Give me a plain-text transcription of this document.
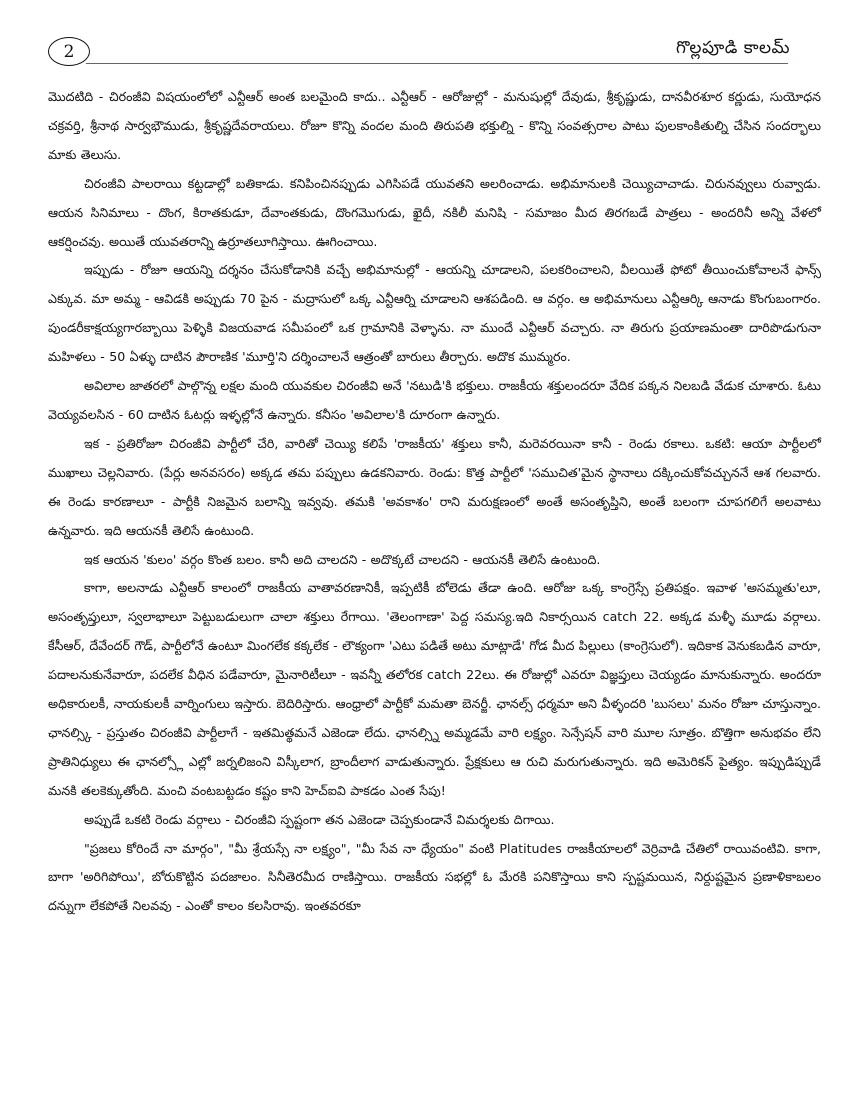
2	గొల్లపూడి కాలమ్

మొదటిది - చిరంజీవి విషయంలోలో ఎన్టీఆర్ అంత బలమైంది కాదు.. ఎన్టీఆర్ - ఆరోజుల్లో - మనుషుల్లో దేవుడు, శ్రీకృష్ణుడు, దానవీరశూర కర్ణుడు, సుయోధన చక్రవర్తి, శ్రీనాథ సార్వభౌముడు, శ్రీకృష్ణదేవరాయలు. రోజూ కొన్ని వందల మంది తిరుపతి భక్తుల్ని - కొన్ని సంవత్సరాల పాటు పులకాంకితుల్ని చేసిన సందర్భాలు మాకు తెలుసు.

చిరంజీవి పాలరాయి కట్టడాల్లో బతికాడు. కనిపించినప్పుడు ఎగిసిపడే యువతని అలరించాడు. అభిమానులకి చెయ్యిచాచాడు. చిరునవ్వులు రువ్వాడు. ఆయన సినిమాలు - దొంగ, కిరాతకుడూ, దేవాంతకుడు, దొంగమొగుడు, ఖైదీ, నకిలీ మనిషి - సమాజం మీద తిరగబడే పాత్రలు - అందరినీ అన్ని వేళలో ఆకర్షించవు. అయితే యువతరాన్ని ఉర్రూతలూగిస్తాయి. ఊగించాయి.

ఇప్పుడు - రోజూ ఆయన్ని దర్శనం చేసుకోడానికి వచ్చే అభిమానుల్లో - ఆయన్ని చూడాలని, పలకరించాలని, వీలయితే ఫోటో తీయించుకోవాలనే ఫాన్స్ ఎక్కువ. మా అమ్మ - ఆవిడకి అప్పుడు 70 పైన - మద్రాసులో ఒక్క ఎన్టీఆర్ని చూడాలని ఆశపడింది. ఆ వర్గం. ఆ అభిమానులు ఎన్టీఆర్కి ఆనాడు కొంగుబంగారం. పుండరీకాక్షయ్యగారబ్బాయి పెళ్ళికి విజయవాడ సమీపంలో ఒక గ్రామానికి వెళ్ళాను. నా ముందే ఎన్టీఆర్ వచ్చారు. నా తిరుగు ప్రయాణమంతా దారిపొడుగునా మహిళలు - 50 ఏళ్ళు దాటిన పౌరాణిక 'మూర్తి'ని దర్శించాలనే ఆత్రంతో బారులు తీర్చారు. అదొక ముమ్మరం.

అవిలాల జాతరలో పాల్గొన్న లక్షల మంది యువకుల చిరంజీవి అనే 'నటుడి'కి భక్తులు. రాజకీయ శక్తులందరూ వేదిక పక్కన నిలబడి వేడుక చూశారు. ఓటు వెయ్యవలసిన - 60 దాటిన ఓటర్లు ఇళ్ళల్లోనే ఉన్నారు. కనీసం 'అవిలాల'కి దూరంగా ఉన్నారు.

ఇక - ప్రతిరోజూ చిరంజీవి పార్టీలో చేరి, వారితో చెయ్యి కలిపే 'రాజకీయ' శక్తులు కానీ, మరెవరయినా కానీ - రెండు రకాలు. ఒకటి: ఆయా పార్టీలలో ముఖాలు చెల్లనివారు. (పేర్లు అనవసరం) అక్కడ తమ పప్పులు ఉడకనివారు. రెండు: కొత్త పార్టీలో 'సముచిత'మైన స్థానాలు దక్కించుకోవచ్చుననే ఆశ గలవారు. ఈ రెండు కారణాలూ - పార్టీకి నిజమైన బలాన్ని ఇవ్వవు. తమకి 'అవకాశం' రాని మరుక్షణంలో అంతే అసంతృప్తిని, అంతే బలంగా చూపగలిగే అలవాటు ఉన్నవారు. ఇది ఆయనకీ తెలిసే ఉంటుంది.

ఇక ఆయన 'కులం' వర్గం కొంత బలం. కానీ అది చాలదని - అదొక్కటే చాలదని - ఆయనకీ తెలిసే ఉంటుంది.

కాగా, అలనాడు ఎన్టీఆర్ కాలంలో రాజకీయ వాతావరణానికీ, ఇప్పటికీ బోలెడు తేడా ఉంది. ఆరోజు ఒక్క కాంగ్రెస్సే ప్రతిపక్షం. ఇవాళ 'అసమ్మతు'లూ, అసంతృప్తులూ, స్వలాభాలూ పెట్టుబడులుగా చాలా శక్తులు రేగాయి. 'తెలంగాణా' పెద్ద సమస్య.ఇది నికార్సయిన catch 22. అక్కడ మళ్ళీ మూడు వర్గాలు. కేసీఆర్, దేవేందర్ గౌడ్, పార్టీలోనే ఉంటూ మింగలేక కక్కలేక - లౌక్యంగా 'ఎటు పడితే అటు మాట్లాడే' గోడ మీద పిల్లులు (కాంగ్రెసులో). ఇదికాక వెనుకబడిన వారూ, పదాలనుకునేవారూ, పదలేక వీధిన పడేవారూ, మైనారిటీలూ - ఇవన్నీ తలోరక catch 22లు. ఈ రోజుల్లో ఎవరూ విజ్ఞప్తులు చెయ్యడం మానుకున్నారు. అందరూ అధికారులకీ, నాయకులకీ వార్నింగులు ఇస్తారు. బెదిరిస్తారు. ఆంధ్రాలో పార్టీకో మమతా బెనర్జీ. ఛానల్స్ ధర్మమా అని వీళ్ళందరి 'బుసలు' మనం రోజూ చూస్తున్నాం. ఛానల్స్కి - ప్రస్తుతం చిరంజీవి పార్టీలాగే - ఇతమిత్థమనే ఎజెండా లేదు. ఛానల్స్ని అమ్మడమే వారి లక్ష్యం. సెన్సేషన్ వారి మూల సూత్రం. బొత్తిగా అనుభవం లేని ప్రాతినిధ్యులు ఈ ఛానల్స్లో ఎల్లో జర్నలిజంని విస్కీలాగ, బ్రాందీలాగ వాడుతున్నారు. ప్రేక్షకులు ఆ రుచి మరుగుతున్నారు. ఇది అమెరికన్ పైత్యం. ఇప్పుడిప్పుడే మనకి తలకెక్కుతోంది. మంచి వంటబట్టడం కష్టం కాని హెచ్ఐవి పాకడం ఎంత సేపు!

అప్పుడే ఒకటి రెండు వర్గాలు - చిరంజీవి స్పష్టంగా తన ఎజెండా చెప్పకుండానే విమర్శలకు దిగాయి.

"ప్రజలు కోరిందే నా మార్గం", "మీ శ్రేయస్సే నా లక్ష్యం", "మీ సేవ నా ధ్యేయం" వంటి Platitudes రాజకీయాలలో వెర్రివాడి చేతిలో రాయివంటివి. కాగా, బాగా 'అరిగిపోయి', బోరుకొట్టిన పదజాలం. సినీతెరమీద రాణిస్తాయి. రాజకీయ సభల్లో ఓ మేరకి పనికొస్తాయి కాని స్పష్టమయిన, నిర్దుష్టమైన ప్రణాళికాబలం దన్నుగా లేకపోతే నిలవవు - ఎంతో కాలం కలసిరావు. ఇంతవరకూ
